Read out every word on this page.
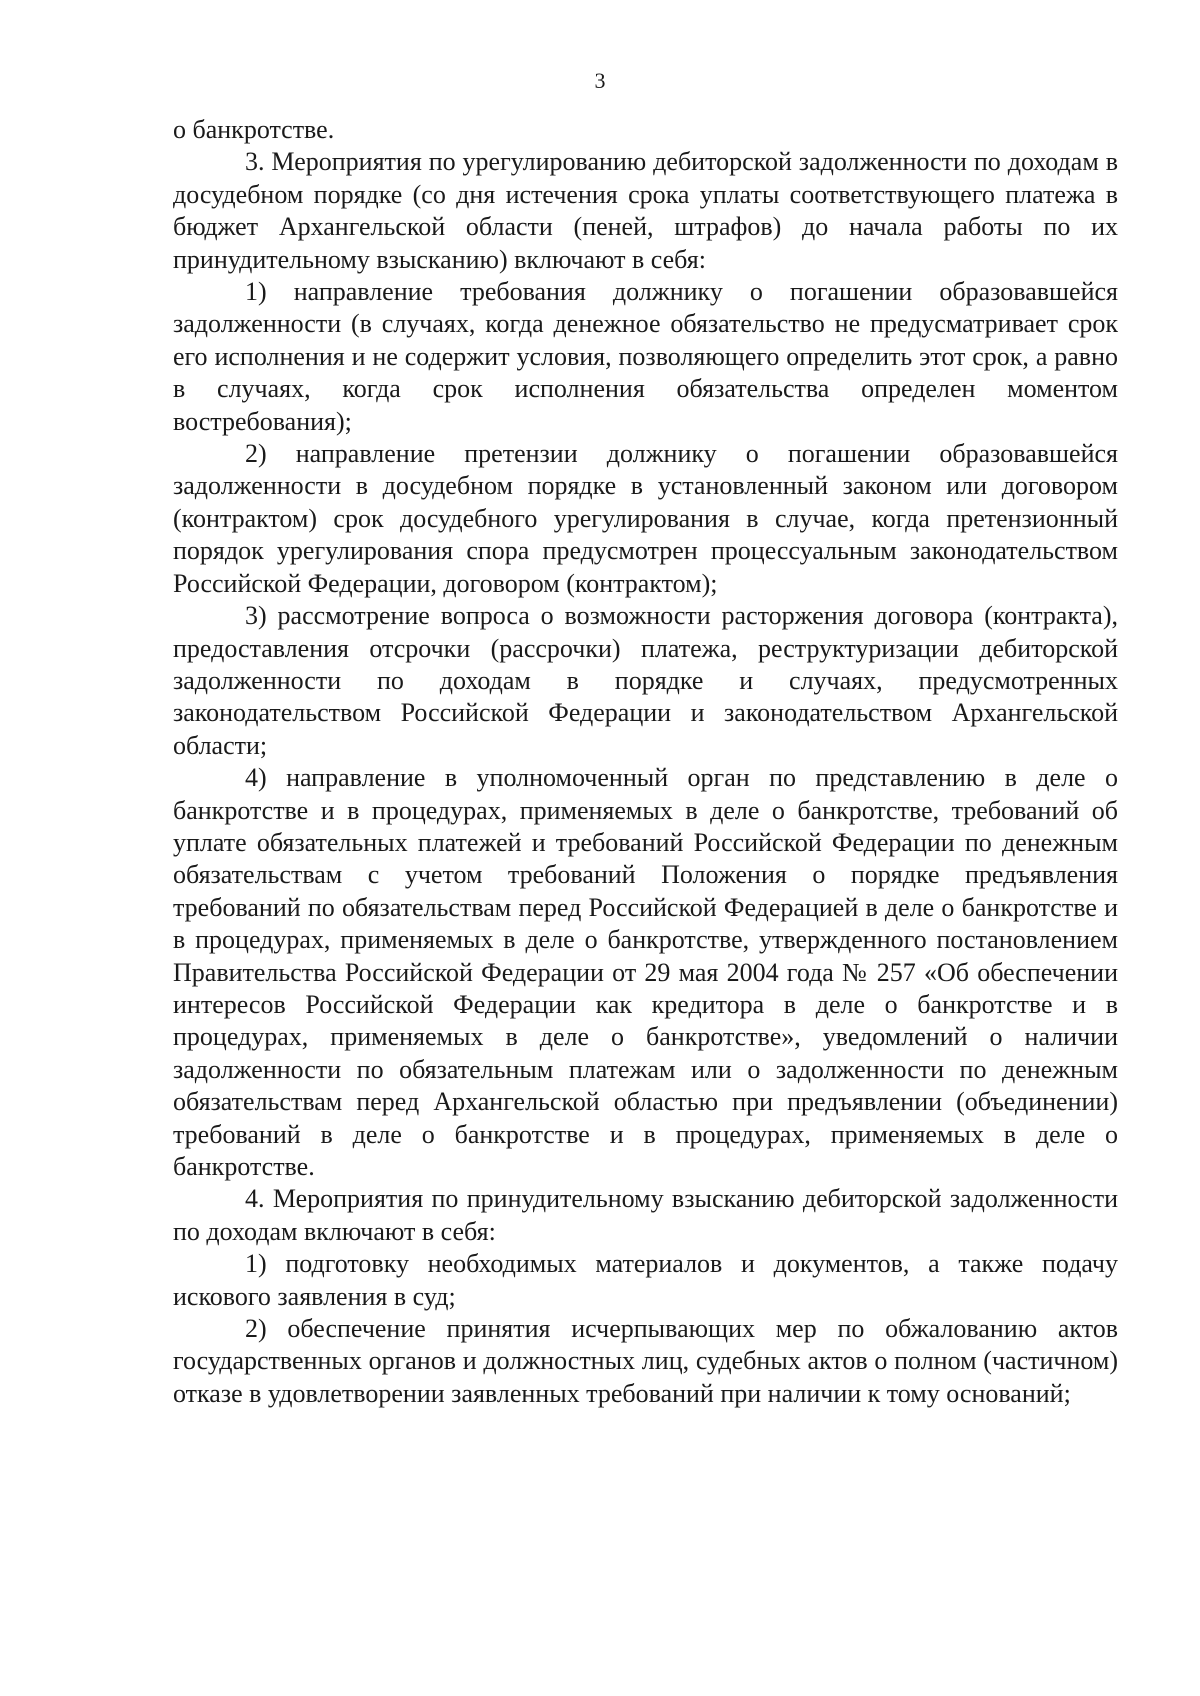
3

о банкротстве.

3. Мероприятия по урегулированию дебиторской задолженности по доходам в досудебном порядке (со дня истечения срока уплаты соответствующего платежа в бюджет Архангельской области (пеней, штрафов) до начала работы по их принудительному взысканию) включают в себя:

1) направление требования должнику о погашении образовавшейся задолженности (в случаях, когда денежное обязательство не предусматривает срок его исполнения и не содержит условия, позволяющего определить этот срок, а равно в случаях, когда срок исполнения обязательства определен моментом востребования);

2) направление претензии должнику о погашении образовавшейся задолженности в досудебном порядке в установленный законом или договором (контрактом) срок досудебного урегулирования в случае, когда претензионный порядок урегулирования спора предусмотрен процессуальным законодательством Российской Федерации, договором (контрактом);

3) рассмотрение вопроса о возможности расторжения договора (контракта), предоставления отсрочки (рассрочки) платежа, реструктуризации дебиторской задолженности по доходам в порядке и случаях, предусмотренных законодательством Российской Федерации и законодательством Архангельской области;

4) направление в уполномоченный орган по представлению в деле о банкротстве и в процедурах, применяемых в деле о банкротстве, требований об уплате обязательных платежей и требований Российской Федерации по денежным обязательствам с учетом требований Положения о порядке предъявления требований по обязательствам перед Российской Федерацией в деле о банкротстве и в процедурах, применяемых в деле о банкротстве, утвержденного постановлением Правительства Российской Федерации от 29 мая 2004 года № 257 «Об обеспечении интересов Российской Федерации как кредитора в деле о банкротстве и в процедурах, применяемых в деле о банкротстве», уведомлений о наличии задолженности по обязательным платежам или о задолженности по денежным обязательствам перед Архангельской областью при предъявлении (объединении) требований в деле о банкротстве и в процедурах, применяемых в деле о банкротстве.

4. Мероприятия по принудительному взысканию дебиторской задолженности по доходам включают в себя:

1) подготовку необходимых материалов и документов, а также подачу искового заявления в суд;

2) обеспечение принятия исчерпывающих мер по обжалованию актов государственных органов и должностных лиц, судебных актов о полном (частичном) отказе в удовлетворении заявленных требований при наличии к тому оснований;
